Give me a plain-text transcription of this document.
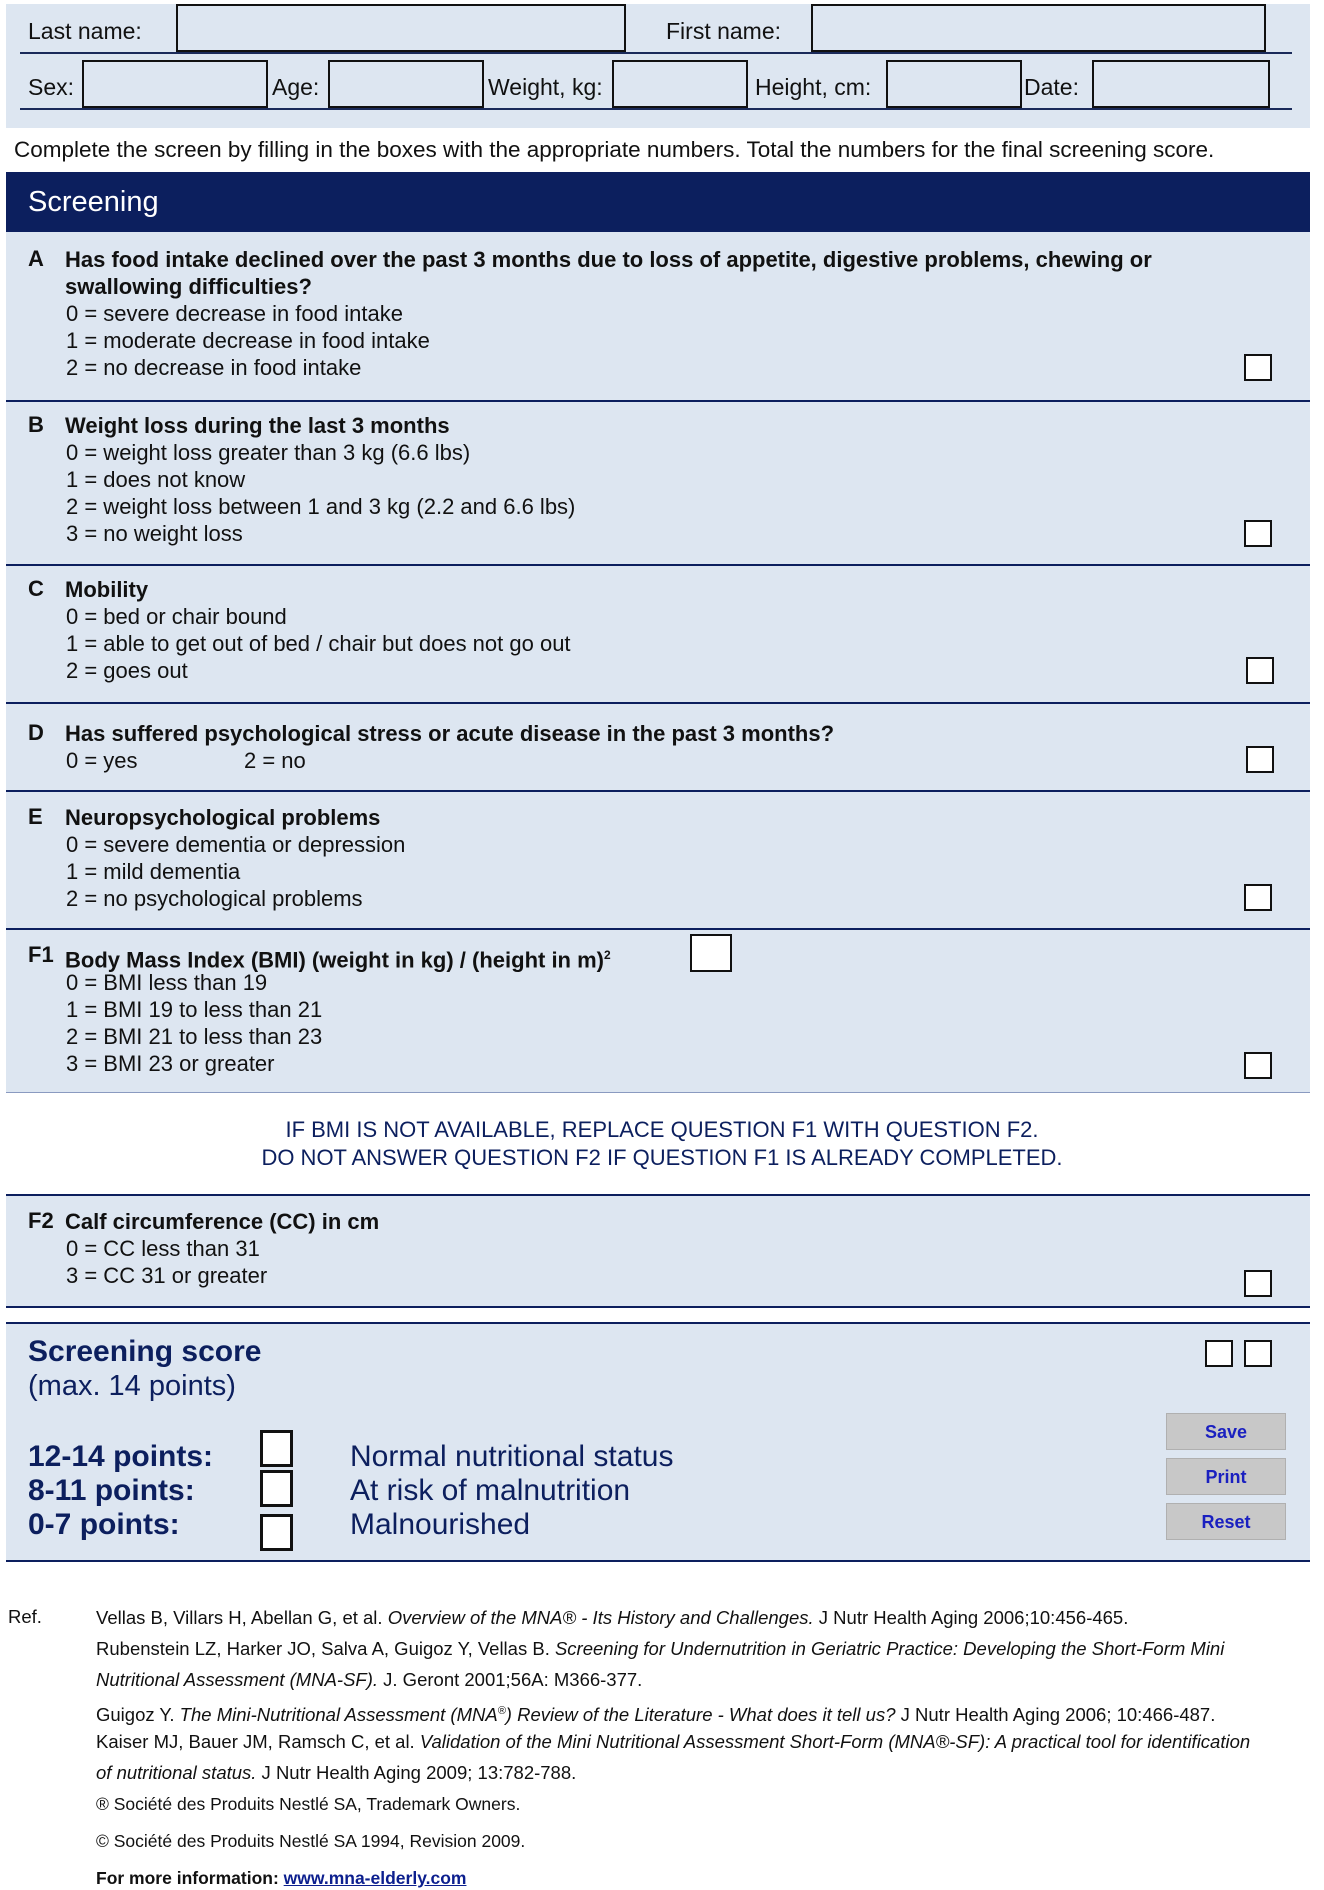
Last name:	First name:
Sex:	Age:	Weight, kg:	Height, cm:	Date:
Complete the screen by filling in the boxes with the appropriate numbers. Total the numbers for the final screening score.
Screening
A Has food intake declined over the past 3 months due to loss of appetite, digestive problems, chewing or swallowing difficulties?
0 = severe decrease in food intake
1 = moderate decrease in food intake
2 = no decrease in food intake
B Weight loss during the last 3 months
0 = weight loss greater than 3 kg (6.6 lbs)
1 = does not know
2 = weight loss between 1 and 3 kg (2.2 and 6.6 lbs)
3 = no weight loss
C Mobility
0 = bed or chair bound
1 = able to get out of bed / chair but does not go out
2 = goes out
D Has suffered psychological stress or acute disease in the past 3 months?
0 = yes	2 = no
E Neuropsychological problems
0 = severe dementia or depression
1 = mild dementia
2 = no psychological problems
F1 Body Mass Index (BMI) (weight in kg) / (height in m)$^2$
0 = BMI less than 19
1 = BMI 19 to less than 21
2 = BMI 21 to less than 23
3 = BMI 23 or greater
IF BMI IS NOT AVAILABLE, REPLACE QUESTION F1 WITH QUESTION F2.
DO NOT ANSWER QUESTION F2 IF QUESTION F1 IS ALREADY COMPLETED.
F2 Calf circumference (CC) in cm
0 = CC less than 31
3 = CC 31 or greater
Screening score
(max. 14 points)
12-14 points:	Normal nutritional status
8-11 points:	At risk of malnutrition
0-7 points:	Malnourished
Save
Print
Reset
Ref.	Vellas B, Villars H, Abellan G, et al. Overview of the MNA® - Its History and Challenges. J Nutr Health Aging 2006;10:456-465.
Rubenstein LZ, Harker JO, Salva A, Guigoz Y, Vellas B. Screening for Undernutrition in Geriatric Practice: Developing the Short-Form Mini
Nutritional Assessment (MNA-SF). J. Geront 2001;56A: M366-377.
Guigoz Y. The Mini-Nutritional Assessment (MNA®) Review of the Literature - What does it tell us? J Nutr Health Aging 2006; 10:466-487.
Kaiser MJ, Bauer JM, Ramsch C, et al. Validation of the Mini Nutritional Assessment Short-Form (MNA®-SF): A practical tool for identification
of nutritional status. J Nutr Health Aging 2009; 13:782-788.
® Société des Produits Nestlé SA, Trademark Owners.
© Société des Produits Nestlé SA 1994, Revision 2009.
For more information: www.mna-elderly.com
